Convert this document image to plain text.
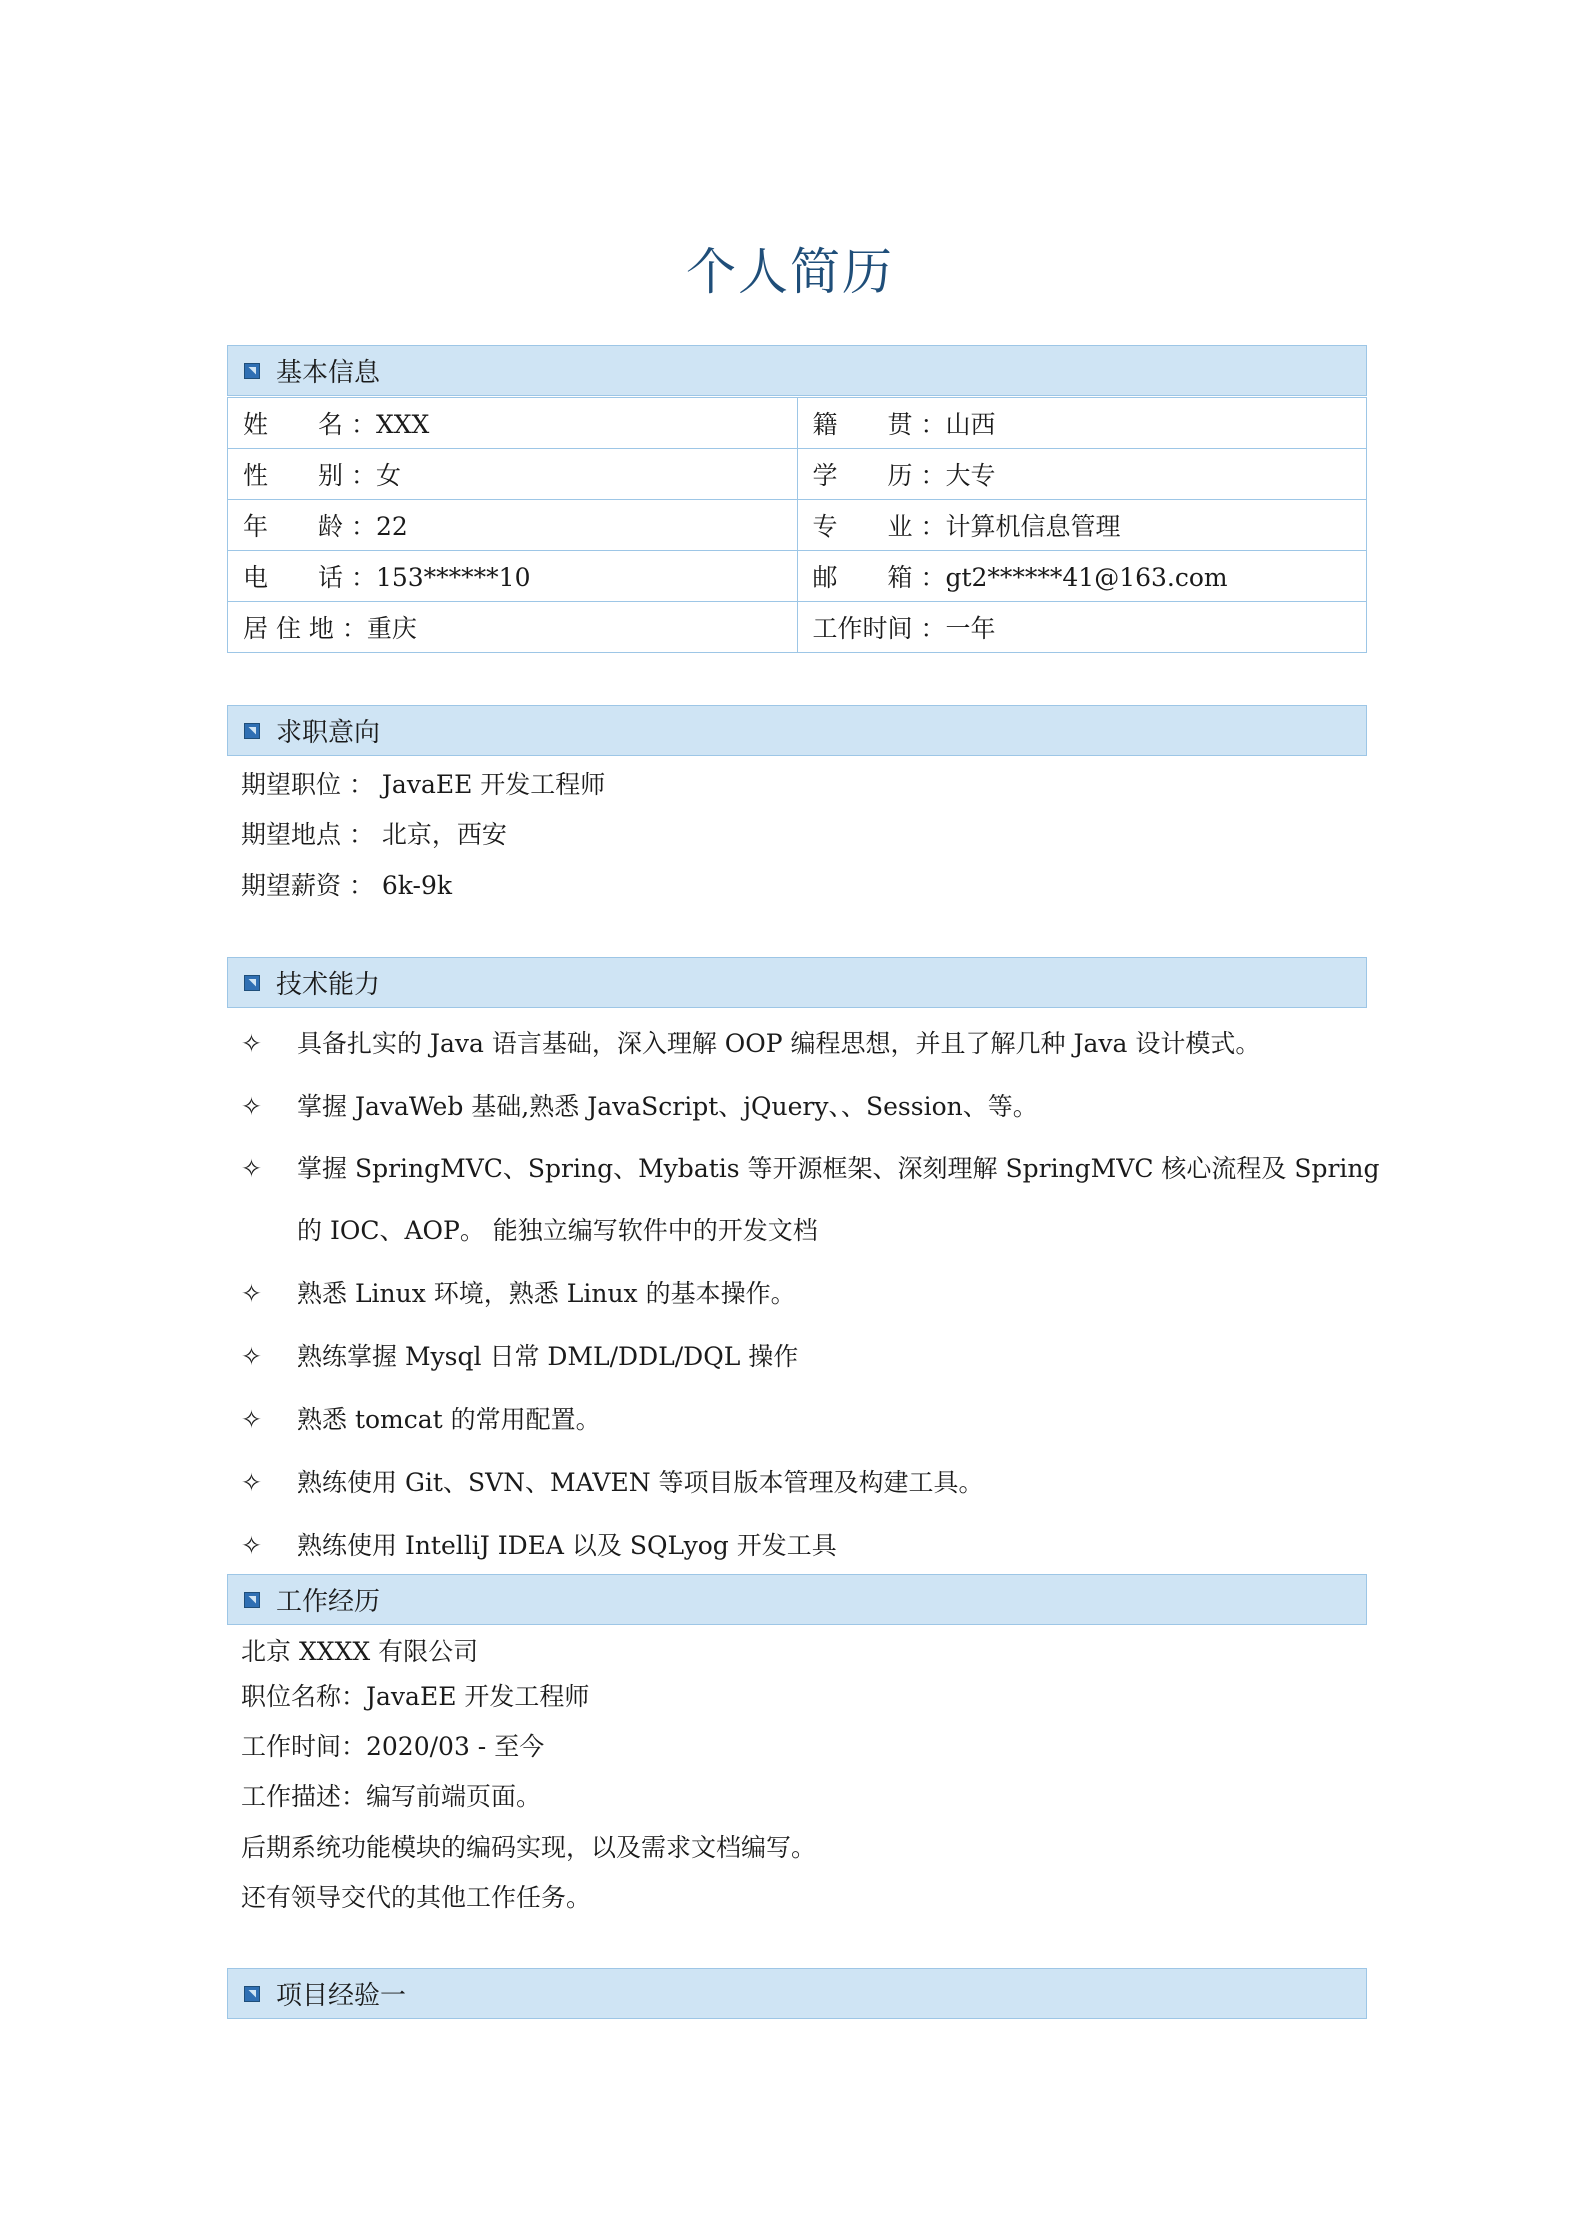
个人简历
基本信息
姓　　名 ：XXX	籍　　贯 ：山西
性　　别 ：女	学　　历 ：大专
年　　龄 ：22	专　　业 ：计算机信息管理
电　　话 ：153******10	邮　　箱 ：gt2******41@163.com
居 住 地 ：重庆	工作时间 ：一年
求职意向
期望职位 ： JavaEE 开发工程师
期望地点 ： 北京，西安
期望薪资 ： 6k-9k
技术能力
✧ 具备扎实的 Java 语言基础，深入理解 OOP 编程思想，并且了解几种 Java 设计模式。
✧ 掌握 JavaWeb 基础,熟悉 JavaScript、jQuery、、Session、等。
✧ 掌握 SpringMVC、Spring、Mybatis 等开源框架、深刻理解 SpringMVC 核心流程及 Spring
的 IOC、AOP。 能独立编写软件中的开发文档
✧ 熟悉 Linux 环境，熟悉 Linux 的基本操作。
✧ 熟练掌握 Mysql 日常 DML/DDL/DQL 操作
✧ 熟悉 tomcat 的常用配置。
✧ 熟练使用 Git、SVN、MAVEN 等项目版本管理及构建工具。
✧ 熟练使用 IntelliJ IDEA 以及 SQLyog 开发工具
工作经历
北京 XXXX 有限公司
职位名称：JavaEE 开发工程师
工作时间：2020/03 - 至今
工作描述：编写前端页面。
后期系统功能模块的编码实现，以及需求文档编写。
还有领导交代的其他工作任务。
项目经验一
